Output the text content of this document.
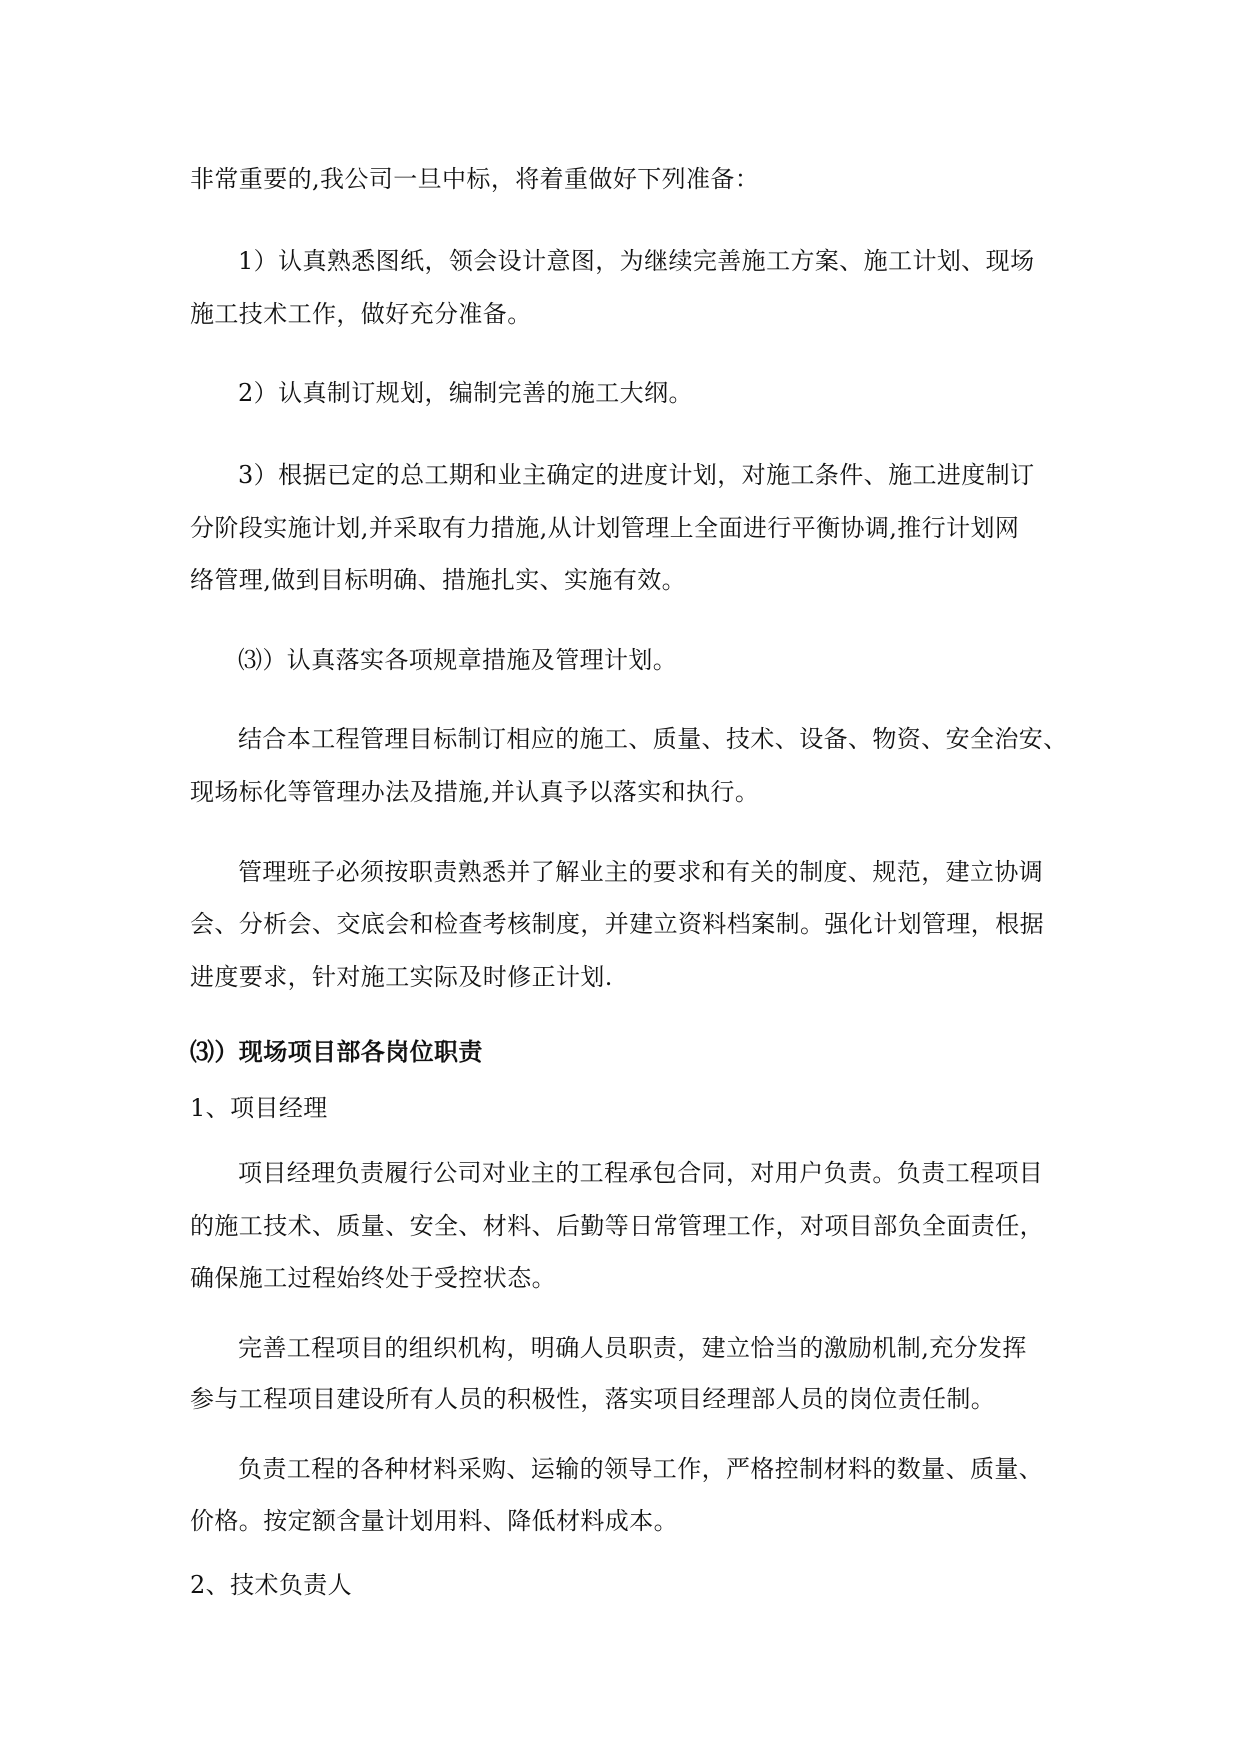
非常重要的,我公司一旦中标，将着重做好下列准备：
1）认真熟悉图纸，领会设计意图，为继续完善施工方案、施工计划、现场
施工技术工作，做好充分准备。
2）认真制订规划，编制完善的施工大纲。
3）根据已定的总工期和业主确定的进度计划，对施工条件、施工进度制订
分阶段实施计划,并采取有力措施,从计划管理上全面进行平衡协调,推行计划网
络管理,做到目标明确、措施扎实、实施有效。
⑶）认真落实各项规章措施及管理计划。
结合本工程管理目标制订相应的施工、质量、技术、设备、物资、安全治安、
现场标化等管理办法及措施,并认真予以落实和执行。
管理班子必须按职责熟悉并了解业主的要求和有关的制度、规范，建立协调
会、分析会、交底会和检查考核制度，并建立资料档案制。强化计划管理，根据
进度要求，针对施工实际及时修正计划.
⑶）现场项目部各岗位职责
1、项目经理
项目经理负责履行公司对业主的工程承包合同，对用户负责。负责工程项目
的施工技术、质量、安全、材料、后勤等日常管理工作，对项目部负全面责任，
确保施工过程始终处于受控状态。
完善工程项目的组织机构，明确人员职责，建立恰当的激励机制,充分发挥
参与工程项目建设所有人员的积极性，落实项目经理部人员的岗位责任制。
负责工程的各种材料采购、运输的领导工作，严格控制材料的数量、质量、
价格。按定额含量计划用料、降低材料成本。
2、技术负责人
